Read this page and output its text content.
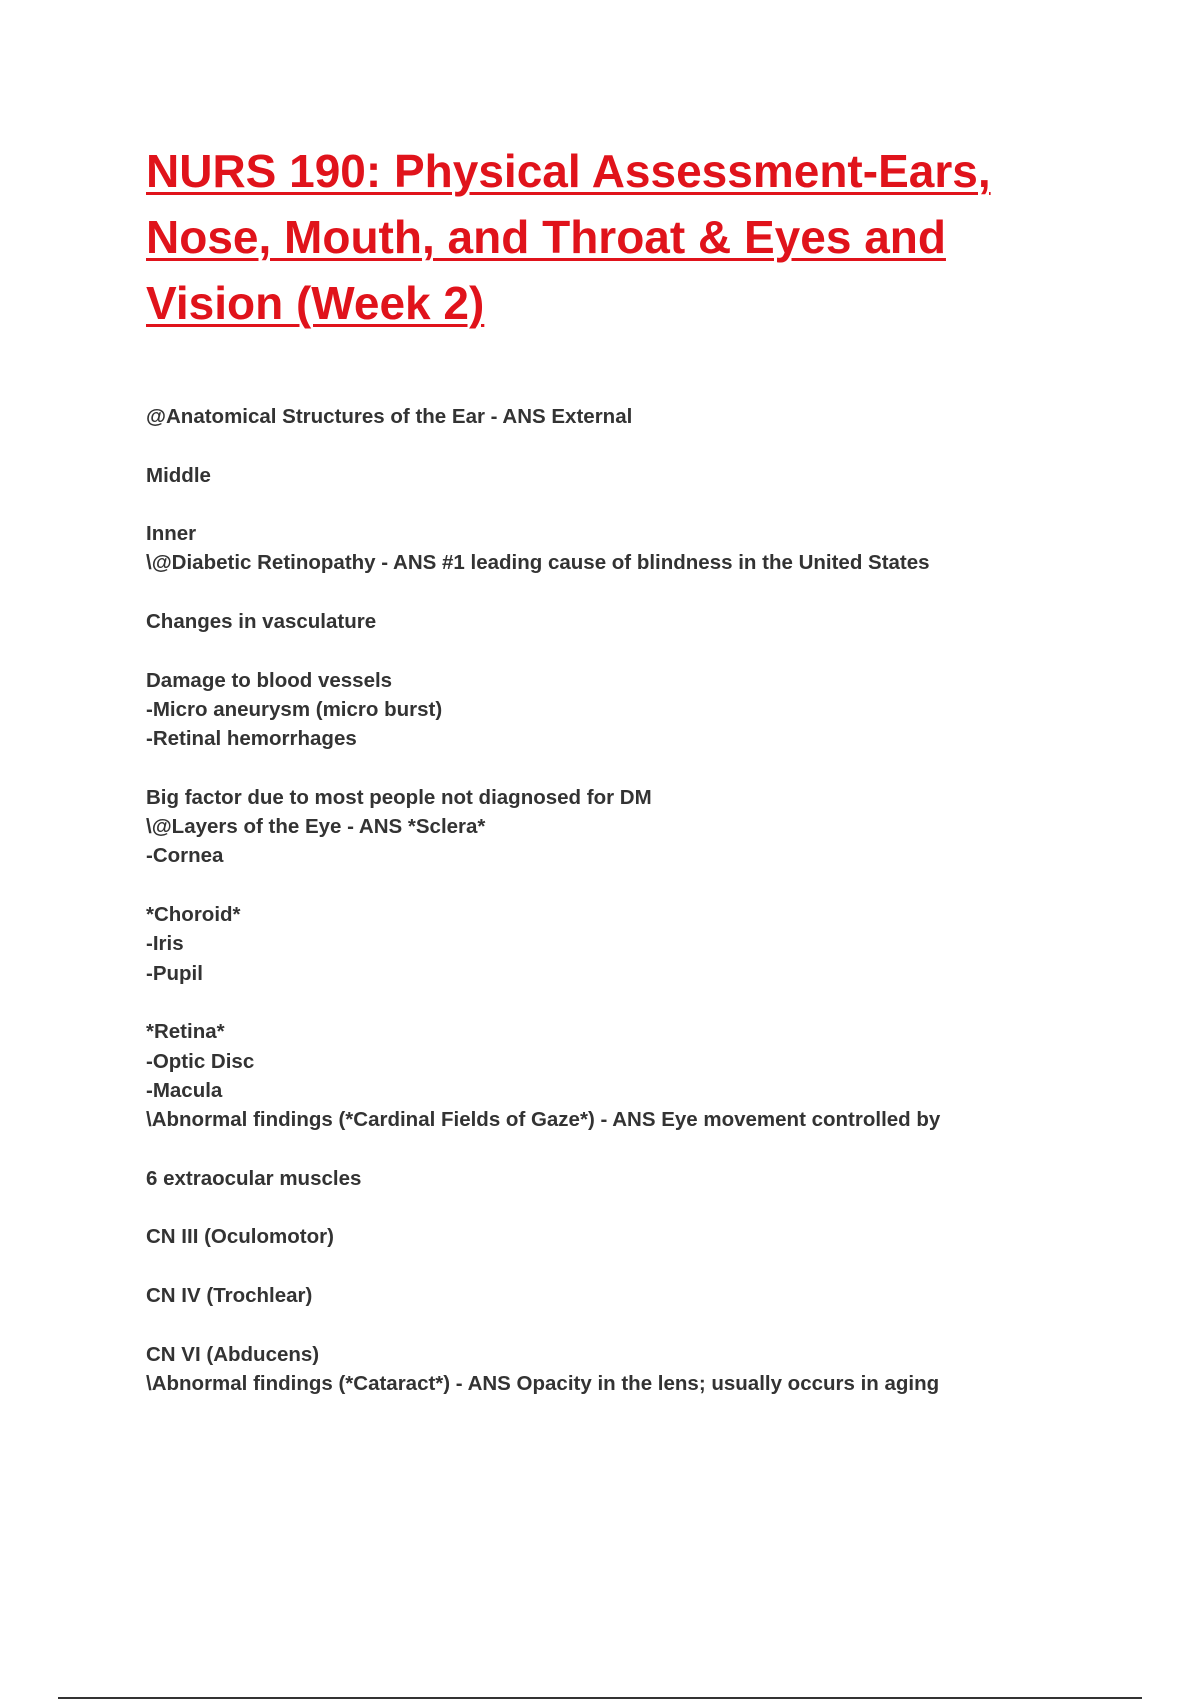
NURS 190: Physical Assessment-Ears, Nose, Mouth, and Throat & Eyes and Vision (Week 2)
@Anatomical Structures of the Ear - ANS External
Middle
Inner
\@Diabetic Retinopathy - ANS #1 leading cause of blindness in the United States
Changes in vasculature
Damage to blood vessels
-Micro aneurysm (micro burst)
-Retinal hemorrhages
Big factor due to most people not diagnosed for DM
\@Layers of the Eye - ANS *Sclera*
-Cornea
*Choroid*
-Iris
-Pupil
*Retina*
-Optic Disc
-Macula
\Abnormal findings (*Cardinal Fields of Gaze*) - ANS Eye movement controlled by
6 extraocular muscles
CN III (Oculomotor)
CN IV (Trochlear)
CN VI (Abducens)
\Abnormal findings (*Cataract*) - ANS Opacity in the lens; usually occurs in aging
